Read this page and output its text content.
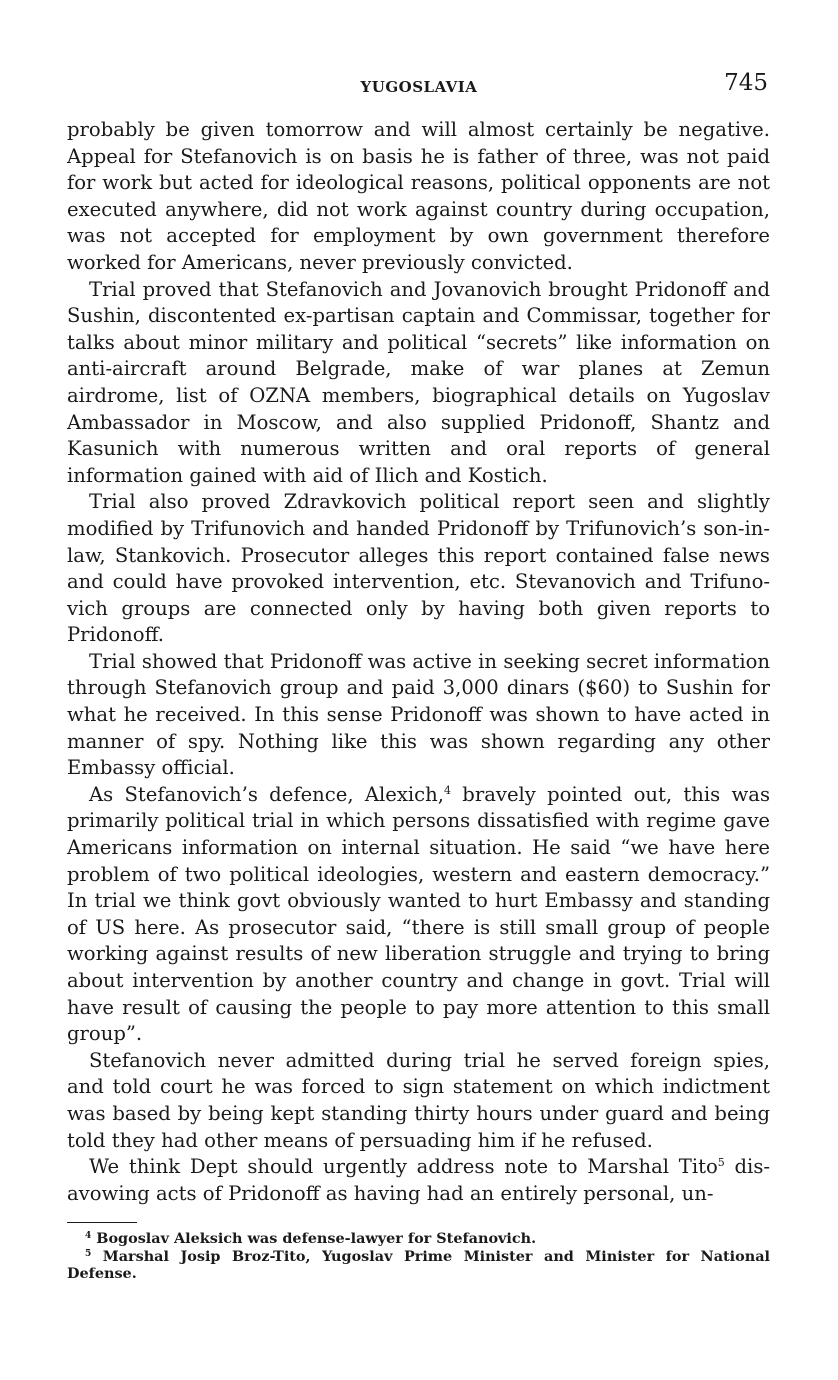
YUGOSLAVIA	745

probably be given tomorrow and will almost certainly be negative. Appeal for Stefanovich is on basis he is father of three, was not paid for work but acted for ideological reasons, political opponents are not executed anywhere, did not work against country during occupation, was not accepted for employment by own government therefore worked for Americans, never previously convicted.

Trial proved that Stefanovich and Jovanovich brought Pridonoff and Sushin, discontented ex-partisan captain and Commissar, together for talks about minor military and political “secrets” like information on anti-aircraft around Belgrade, make of war planes at Zemun airdrome, list of OZNA members, biographical details on Yugoslav Ambassador in Moscow, and also supplied Pridonoff, Shantz and Kasunich with numerous written and oral reports of general information gained with aid of Ilich and Kostich.

Trial also proved Zdravkovich political report seen and slightly modified by Trifunovich and handed Pridonoff by Trifunovich’s son-in-law, Stankovich. Prosecutor alleges this report contained false news and could have provoked intervention, etc. Stevanovich and Trifunovich groups are connected only by having both given reports to Pridonoff.

Trial showed that Pridonoff was active in seeking secret information through Stefanovich group and paid 3,000 dinars ($60) to Sushin for what he received. In this sense Pridonoff was shown to have acted in manner of spy. Nothing like this was shown regarding any other Embassy official.

As Stefanovich’s defence, Alexich,$^4$ bravely pointed out, this was primarily political trial in which persons dissatisfied with regime gave Americans information on internal situation. He said “we have here problem of two political ideologies, western and eastern democracy.” In trial we think govt obviously wanted to hurt Embassy and standing of US here. As prosecutor said, “there is still small group of people working against results of new liberation struggle and trying to bring about intervention by another country and change in govt. Trial will have result of causing the people to pay more attention to this small group”.

Stefanovich never admitted during trial he served foreign spies, and told court he was forced to sign statement on which indictment was based by being kept standing thirty hours under guard and being told they had other means of persuading him if he refused.

We think Dept should urgently address note to Marshal Tito$^5$ disavowing acts of Pridonoff as having had an entirely personal, un-

$^4$ Bogoslav Aleksich was defense-lawyer for Stefanovich.

$^5$ Marshal Josip Broz-Tito, Yugoslav Prime Minister and Minister for National Defense.
